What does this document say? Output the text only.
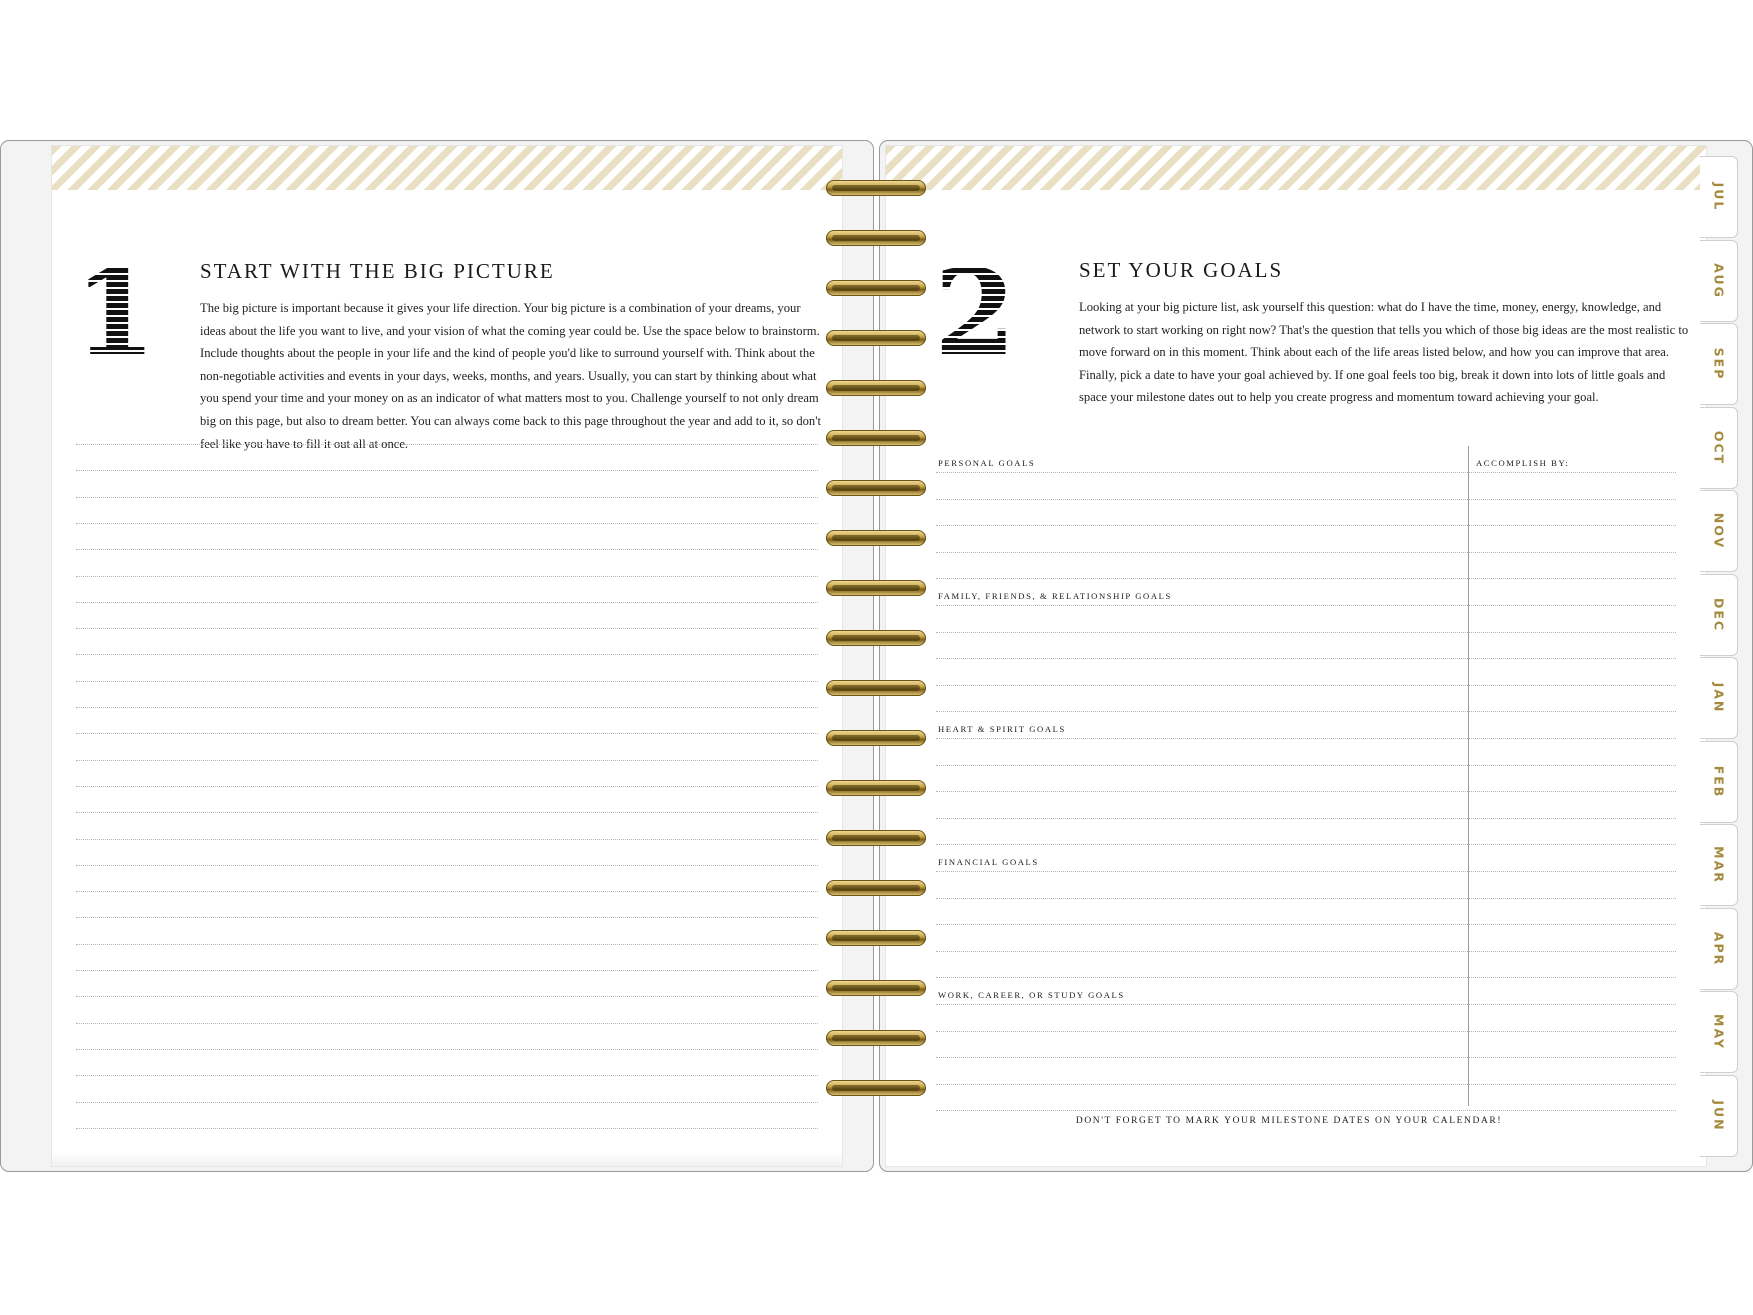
1 START WITH THE BIG PICTURE

The big picture is important because it gives your life direction. Your big picture is a combination of your dreams, your ideas about the life you want to live, and your vision of what the coming year could be. Use the space below to brainstorm. Include thoughts about the people in your life and the kind of people you'd like to surround yourself with. Think about the non-negotiable activities and events in your days, weeks, months, and years. Usually, you can start by thinking about what you spend your time and your money on as an indicator of what matters most to you. Challenge yourself to not only dream big on this page, but also to dream better. You can always come back to this page throughout the year and add to it, so don't feel like you have to fill it out all at once.

2	SET YOUR GOALS

Looking at your big picture list, ask yourself this question: what do I have the time, money, energy, knowledge, and network to start working on right now? That's the question that tells you which of those big ideas are the most realistic to move forward on in this moment. Think about each of the life areas listed below, and how you can improve that area. Finally, pick a date to have your goal achieved by. If one goal feels too big, break it down into lots of little goals and space your milestone dates out to help you create progress and momentum toward achieving your goal.

ACCOMPLISH BY:
PERSONAL GOALS
FAMILY, FRIENDS, & RELATIONSHIP GOALS
HEART & SPIRIT GOALS
FINANCIAL GOALS
WORK, CAREER, OR STUDY GOALS

DON'T FORGET TO MARK YOUR MILESTONE DATES ON YOUR CALENDAR!

JUL
AUG
SEP
OCT
NOV
DEC
JAN
FEB
MAR
APR
MAY
JUN
